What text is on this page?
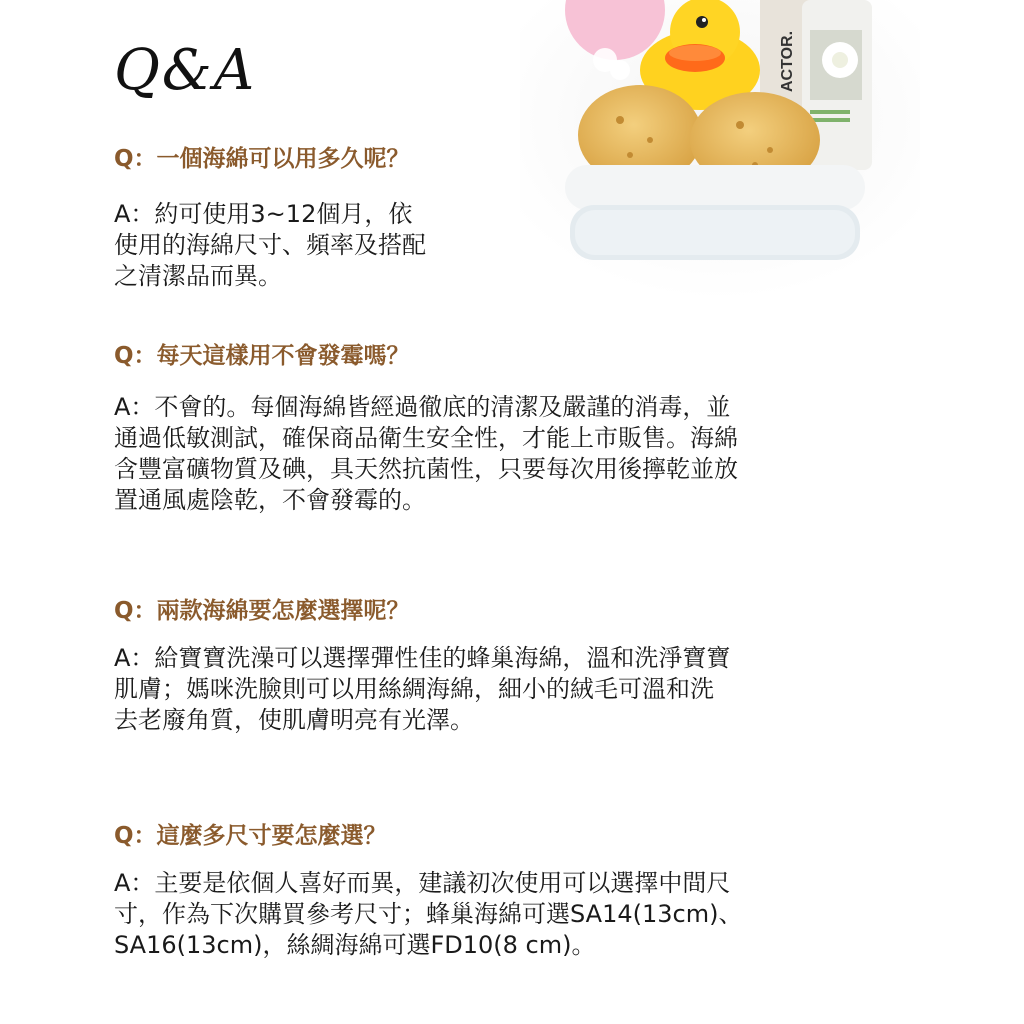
Q&A	ACTOR.
Q：一個海綿可以用多久呢？
A：約可使用3~12個月，依
使用的海綿尺寸、頻率及搭配
之清潔品而異。
Q：每天這樣用不會發霉嗎？
A：不會的。每個海綿皆經過徹底的清潔及嚴謹的消毒，並
通過低敏測試，確保商品衛生安全性，才能上市販售。海綿
含豐富礦物質及碘，具天然抗菌性，只要每次用後擰乾並放
置通風處陰乾，不會發霉的。
Q：兩款海綿要怎麼選擇呢？
A：給寶寶洗澡可以選擇彈性佳的蜂巢海綿，溫和洗淨寶寶
肌膚；媽咪洗臉則可以用絲綢海綿，細小的絨毛可溫和洗
去老廢角質，使肌膚明亮有光澤。
Q：這麼多尺寸要怎麼選？
A：主要是依個人喜好而異，建議初次使用可以選擇中間尺
寸，作為下次購買參考尺寸；蜂巢海綿可選SA14(13cm)、
SA16(13cm)，絲綢海綿可選FD10(8 cm)。
